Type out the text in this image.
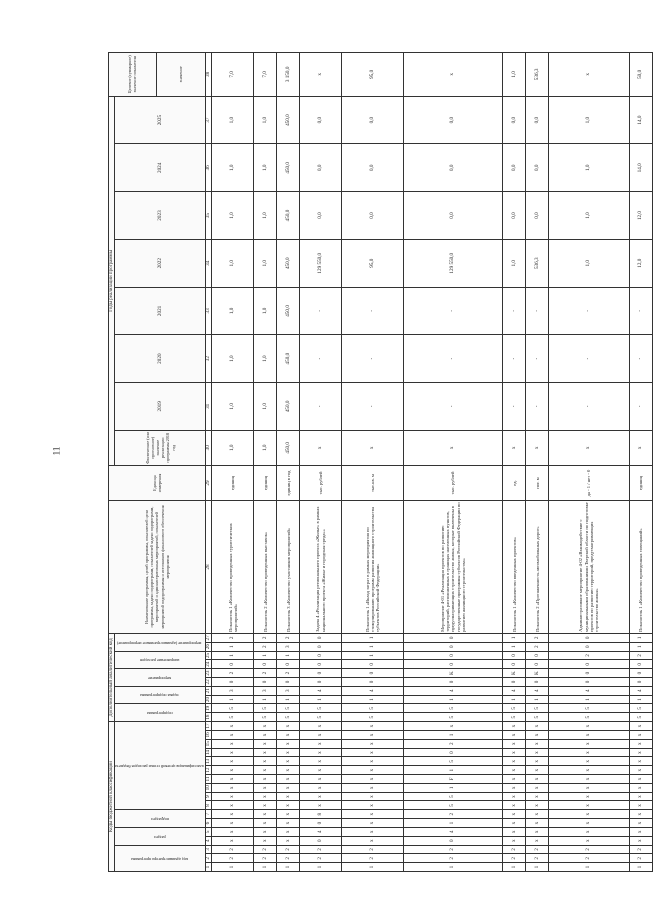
11
Коды бюджетной классификации																	Дополнительный аналитический код										Наименование программы, целей программы, показателей цели программы, задачи подпрограмм, показателей задачи подпрограмм, мероприятий и административных мероприятий, показателей мероприятий подпрограммы и источников финансового обеспечения мероприятия	Единица измерения	Годы реализации программы								Целевое (суммарное) значение показателя
код администратора программы			раздел		подраздел		классификация целевой статьи расходов бюджета										подпрограмма		задача подпрограммы		мероприятие		направление расходов		мероприятие (административное мероприятие)				Фактическое (или прогнозное) значение реализации программы 2018 год	2019	2020	2021	2022	2023	2024	2025	
																																					значение
1	2	3	4	5	6	7	8	9	10	11	12	13	14	15	16	17	18	19	20	21	22	23	24	25	26	27	28	29	30	31	32	33	34	35	36	37	38
1	2	2	x	x	x	x	x	x	x	x	x	x	x	x	x	x	5	5	1	3	0	2	0	1	1	2	Показатель 1 «Количество проведенных туристических мероприятий»	единиц	1,0	1,0	1,0	1,0	1,0	1,0	1,0	1,0	7,0
1	2	2	x	x	x	x	x	x	x	x	x	x	x	x	x	x	5	5	1	3	0	2	0	1	2	2	Показатель 2 «Количество проведенных выставок»	единиц	1,0	1,0	1,0	1,0	1,0	1,0	1,0	1,0	7,0
1	2	2	x	x	x	x	x	x	x	x	x	x	x	x	x	x	5	5	1	3	0	2	0	1	3	2	Показатель 3 «Количество участников мероприятий»	единиц в год	450,0	450,0	450,0	450,0	450,0	450,0	450,0	450,0	3 150,0
1	2	2	0	4	0	8	x	x	x	x	x	x	x	x	x	x	5	5	1	4	0	0	0	0	0	0	Задача 4 «Реализация регионального проекта «Жилье» в рамках национального проекта «Жилье и городская среда»»	тыс. рублей	x	-	-	-	129 550,0	0,0	0,0	0,0	x
1	2	2	x	x	x	x	x	x	x	x	x	x	x	x	x	x	5	5	1	4	0	0	0	1	1	1	Показатель 1 «Вклад затрат в рамках мероприятия по стимулированию программ развития жилищного строительства субъектов Российской Федерации»	тыс.кв. м	x	-	-	-	95,0	0,0	0,0	0,0	95,0
1	2	2	0	4	1	2	5	5	1	F	1	5	0	2	1	x	5	5	1	4	0	K	0	0	0	0	Мероприятие 4-01 «Реализация проектов по развитию территорий, расположенных в границах населенных пунктов, предусматривающих строительство жилья, которые включены в государственные программы субъектов Российской Федерации по развитию жилищного строительства»	тыс. рублей	x	-	-	-	129 550,0	0,0	0,0	0,0	x
1	2	2	x	x	x	x	x	x	x	x	x	x	x	x	x	x	5	5	1	4	0	K	0	0	1	1	Показатель 1 «Количество введенных проектов»	ед.	x	-	-	-	1,0	0,0	0,0	0,0	1,0
1	2	2	x	x	x	x	x	x	x	x	x	x	x	x	x	x	5	5	1	4	0	K	0	0	2	2	Показатель 2 «Протяженность автомобильных дорог»	пог. м	x	-	-	-	536,3	0,0	0,0	0,0	536,3
1	2	2	x	x	x	x	x	x	x	x	x	x	x	x	x	x	5	5	1	4	0	0	0	2	0	0	Административное мероприятие 4-02 «Взаимодействие с муниципальными образованиями Тверской области по подготовке проектов по развитию территорий, предусматривающих строительство жилья»	да - 1 / нет - 0	x	-	-	-	1,0	1,0	1,0	1,0	x
1	2	2	x	x	x	x	x	x	x	x	x	x	x	x	x	x	5	5	1	4	0	0	0	2	1	1	Показатель 1 «Количество проведенных совещаний»	единиц	x	-	-	-	12,0	12,0	14,0	14,0	50,0
